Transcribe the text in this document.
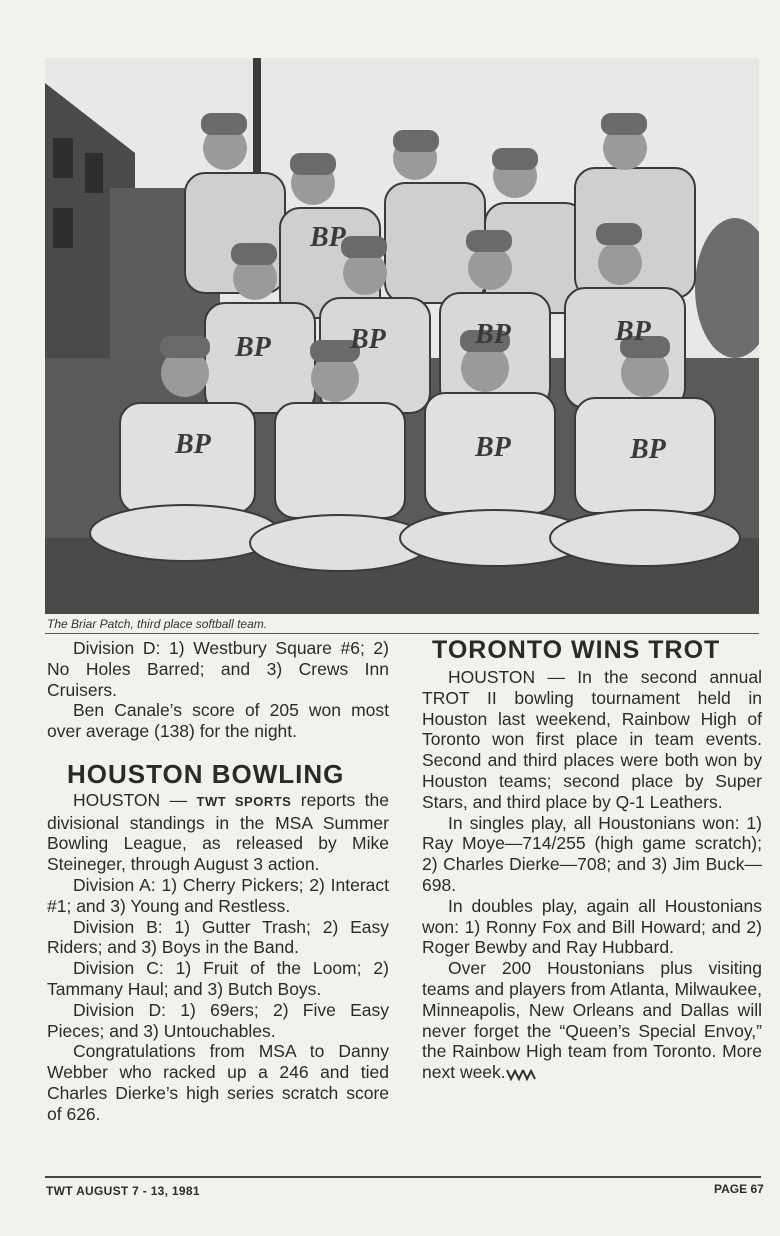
BP
BP	BP	BP	BP
BP	BP	BP
The Briar Patch, third place softball team.

Division D: 1) Westbury Square #6; 2) No Holes Barred; and 3) Crews Inn Cruisers.

Ben Canale’s score of 205 won most over average (138) for the night.

HOUSTON BOWLING

HOUSTON — TWT SPORTS reports the divisional standings in the MSA Summer Bowling League, as released by Mike Steineger, through August 3 action.

Division A: 1) Cherry Pickers; 2) Interact #1; and 3) Young and Restless.

Division B: 1) Gutter Trash; 2) Easy Riders; and 3) Boys in the Band.

Division C: 1) Fruit of the Loom; 2) Tammany Haul; and 3) Butch Boys.

Division D: 1) 69ers; 2) Five Easy Pieces; and 3) Untouchables.

Congratulations from MSA to Danny Webber who racked up a 246 and tied Charles Dierke’s high series scratch score of 626.

TORONTO WINS TROT

HOUSTON — In the second annual TROT II bowling tournament held in Houston last weekend, Rainbow High of Toronto won first place in team events. Second and third places were both won by Houston teams; second place by Super Stars, and third place by Q-1 Leathers.

In singles play, all Houstonians won: 1) Ray Moye—714/255 (high game scratch); 2) Charles Dierke—708; and 3) Jim Buck—698.

In doubles play, again all Houstonians won: 1) Ronny Fox and Bill Howard; and 2) Roger Bewby and Ray Hubbard.

Over 200 Houstonians plus visiting teams and players from Atlanta, Milwaukee, Minneapolis, New Orleans and Dallas will never forget the “Queen’s Special Envoy,” the Rainbow High team from Toronto. More next week.

TWT AUGUST 7 - 13, 1981	PAGE 67
